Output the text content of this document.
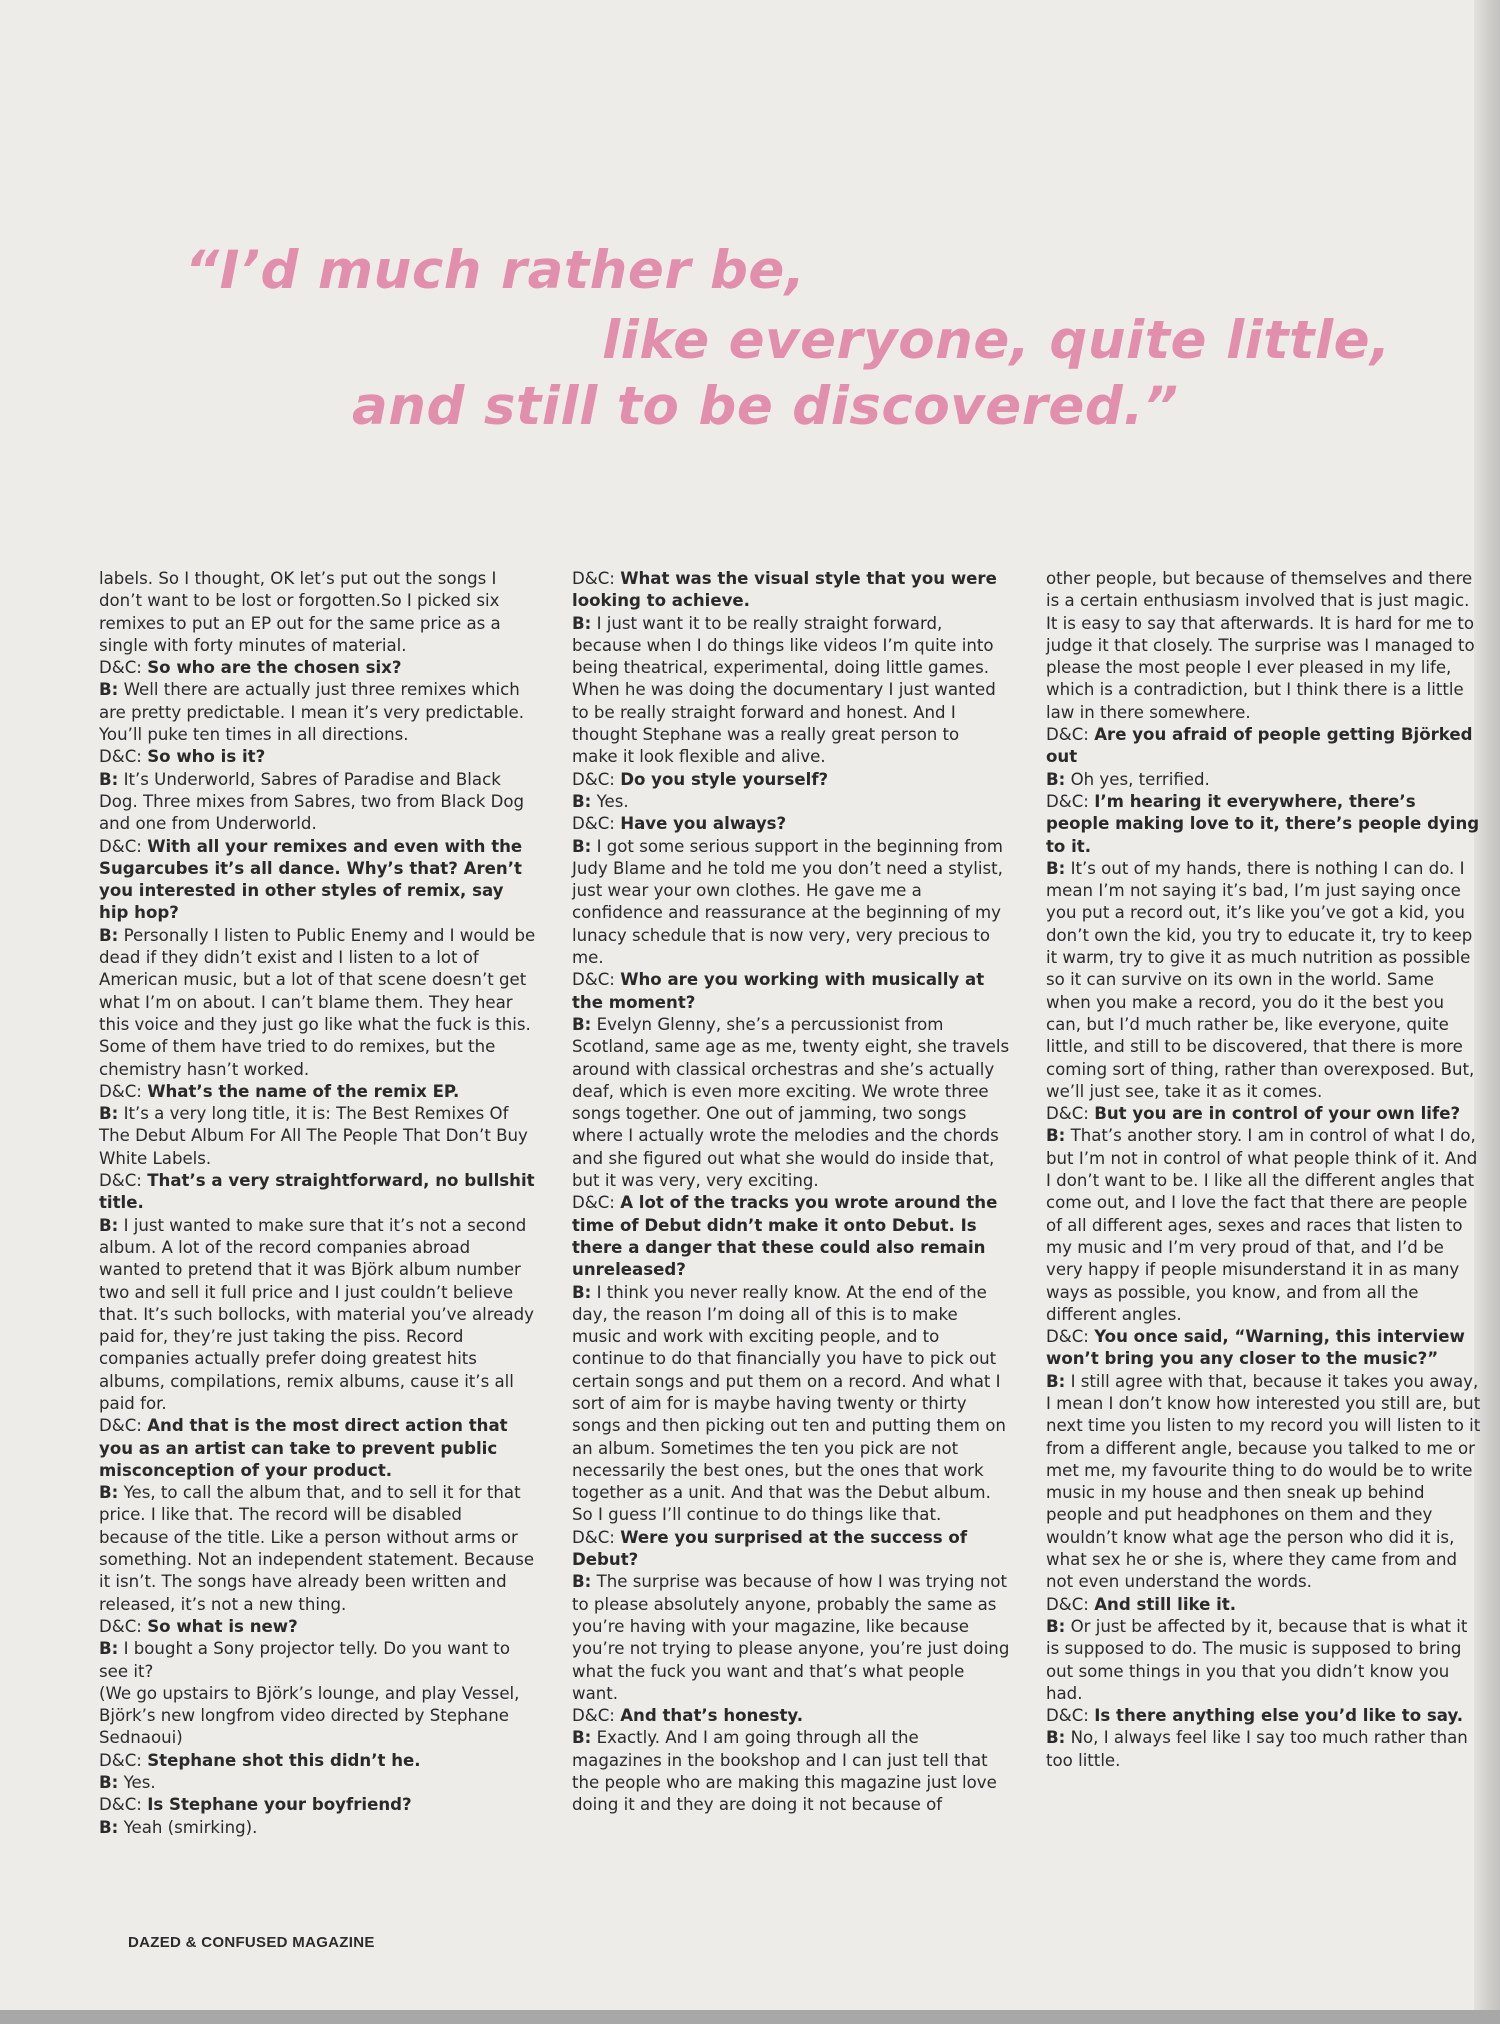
“I’d much rather be,
like everyone, quite little,
and still to be discovered.”

labels. So I thought, OK let’s put out the songs I don’t want to be lost or forgotten.So I picked six remixes to put an EP out for the same price as a single with forty minutes of material.

D&C: So who are the chosen six?

B: Well there are actually just three remixes which are pretty predictable. I mean it’s very predictable. You’ll puke ten times in all directions.

D&C: So who is it?

B: It’s Underworld, Sabres of Paradise and Black Dog. Three mixes from Sabres, two from Black Dog and one from Underworld.

D&C: With all your remixes and even with the Sugarcubes it’s all dance. Why’s that? Aren’t you interested in other styles of remix, say hip hop?

B: Personally I listen to Public Enemy and I would be dead if they didn’t exist and I listen to a lot of American music, but a lot of that scene doesn’t get what I’m on about. I can’t blame them. They hear this voice and they just go like what the fuck is this. Some of them have tried to do remixes, but the chemistry hasn’t worked.

D&C: What’s the name of the remix EP.

B: It’s a very long title, it is: The Best Remixes Of The Debut Album For All The People That Don’t Buy White Labels.

D&C: That’s a very straightforward, no bullshit title.

B: I just wanted to make sure that it’s not a second album. A lot of the record companies abroad wanted to pretend that it was Björk album number two and sell it full price and I just couldn’t believe that. It’s such bollocks, with material you’ve already paid for, they’re just taking the piss. Record companies actually prefer doing greatest hits albums, compilations, remix albums, cause it’s all paid for.

D&C: And that is the most direct action that you as an artist can take to prevent public misconception of your product.

B: Yes, to call the album that, and to sell it for that price. I like that. The record will be disabled because of the title. Like a person without arms or something. Not an independent statement. Because it isn’t. The songs have already been written and released, it’s not a new thing.

D&C: So what is new?

B: I bought a Sony projector telly. Do you want to see it?

(We go upstairs to Björk’s lounge, and play Vessel, Björk’s new longfrom video directed by Stephane Sednaoui)

D&C: Stephane shot this didn’t he.

B: Yes.

D&C: Is Stephane your boyfriend?

B: Yeah (smirking).

D&C: What was the visual style that you were looking to achieve.

B: I just want it to be really straight forward, because when I do things like videos I’m quite into being theatrical, experimental, doing little games. When he was doing the documentary I just wanted to be really straight forward and honest. And I thought Stephane was a really great person to make it look flexible and alive.

D&C: Do you style yourself?

B: Yes.

D&C: Have you always?

B: I got some serious support in the beginning from Judy Blame and he told me you don’t need a stylist, just wear your own clothes. He gave me a confidence and reassurance at the beginning of my lunacy schedule that is now very, very precious to me.

D&C: Who are you working with musically at the moment?

B: Evelyn Glenny, she’s a percussionist from Scotland, same age as me, twenty eight, she travels around with classical orchestras and she’s actually deaf, which is even more exciting. We wrote three songs together. One out of jamming, two songs where I actually wrote the melodies and the chords and she figured out what she would do inside that, but it was very, very exciting.

D&C: A lot of the tracks you wrote around the time of Debut didn’t make it onto Debut. Is there a danger that these could also remain unreleased?

B: I think you never really know. At the end of the day, the reason I’m doing all of this is to make music and work with exciting people, and to continue to do that financially you have to pick out certain songs and put them on a record. And what I sort of aim for is maybe having twenty or thirty songs and then picking out ten and putting them on an album. Sometimes the ten you pick are not necessarily the best ones, but the ones that work together as a unit. And that was the Debut album. So I guess I’ll continue to do things like that.

D&C: Were you surprised at the success of Debut?

B: The surprise was because of how I was trying not to please absolutely anyone, probably the same as you’re having with your magazine, like because you’re not trying to please anyone, you’re just doing what the fuck you want and that’s what people want.

D&C: And that’s honesty.

B: Exactly. And I am going through all the magazines in the bookshop and I can just tell that the people who are making this magazine just love doing it and they are doing it not because of

other people, but because of themselves and there is a certain enthusiasm involved that is just magic. It is easy to say that afterwards. It is hard for me to judge it that closely. The surprise was I managed to please the most people I ever pleased in my life, which is a contradiction, but I think there is a little law in there somewhere.

D&C: Are you afraid of people getting Björked out

B: Oh yes, terrified.

D&C: I’m hearing it everywhere, there’s people making love to it, there’s people dying to it.

B: It’s out of my hands, there is nothing I can do. I mean I’m not saying it’s bad, I’m just saying once you put a record out, it’s like you’ve got a kid, you don’t own the kid, you try to educate it, try to keep it warm, try to give it as much nutrition as possible so it can survive on its own in the world. Same when you make a record, you do it the best you can, but I’d much rather be, like everyone, quite little, and still to be discovered, that there is more coming sort of thing, rather than overexposed. But, we’ll just see, take it as it comes.

D&C: But you are in control of your own life?

B: That’s another story. I am in control of what I do, but I’m not in control of what people think of it. And I don’t want to be. I like all the different angles that come out, and I love the fact that there are people of all different ages, sexes and races that listen to my music and I’m very proud of that, and I’d be very happy if people misunderstand it in as many ways as possible, you know, and from all the different angles.

D&C: You once said, “Warning, this interview won’t bring you any closer to the music?”

B: I still agree with that, because it takes you away, I mean I don’t know how interested you still are, but next time you listen to my record you will listen to it from a different angle, because you talked to me or met me, my favourite thing to do would be to write music in my house and then sneak up behind people and put headphones on them and they wouldn’t know what age the person who did it is, what sex he or she is, where they came from and not even understand the words.

D&C: And still like it.

B: Or just be affected by it, because that is what it is supposed to do. The music is supposed to bring out some things in you that you didn’t know you had.

D&C: Is there anything else you’d like to say.

B: No, I always feel like I say too much rather than too little.

DAZED & CONFUSED MAGAZINE
